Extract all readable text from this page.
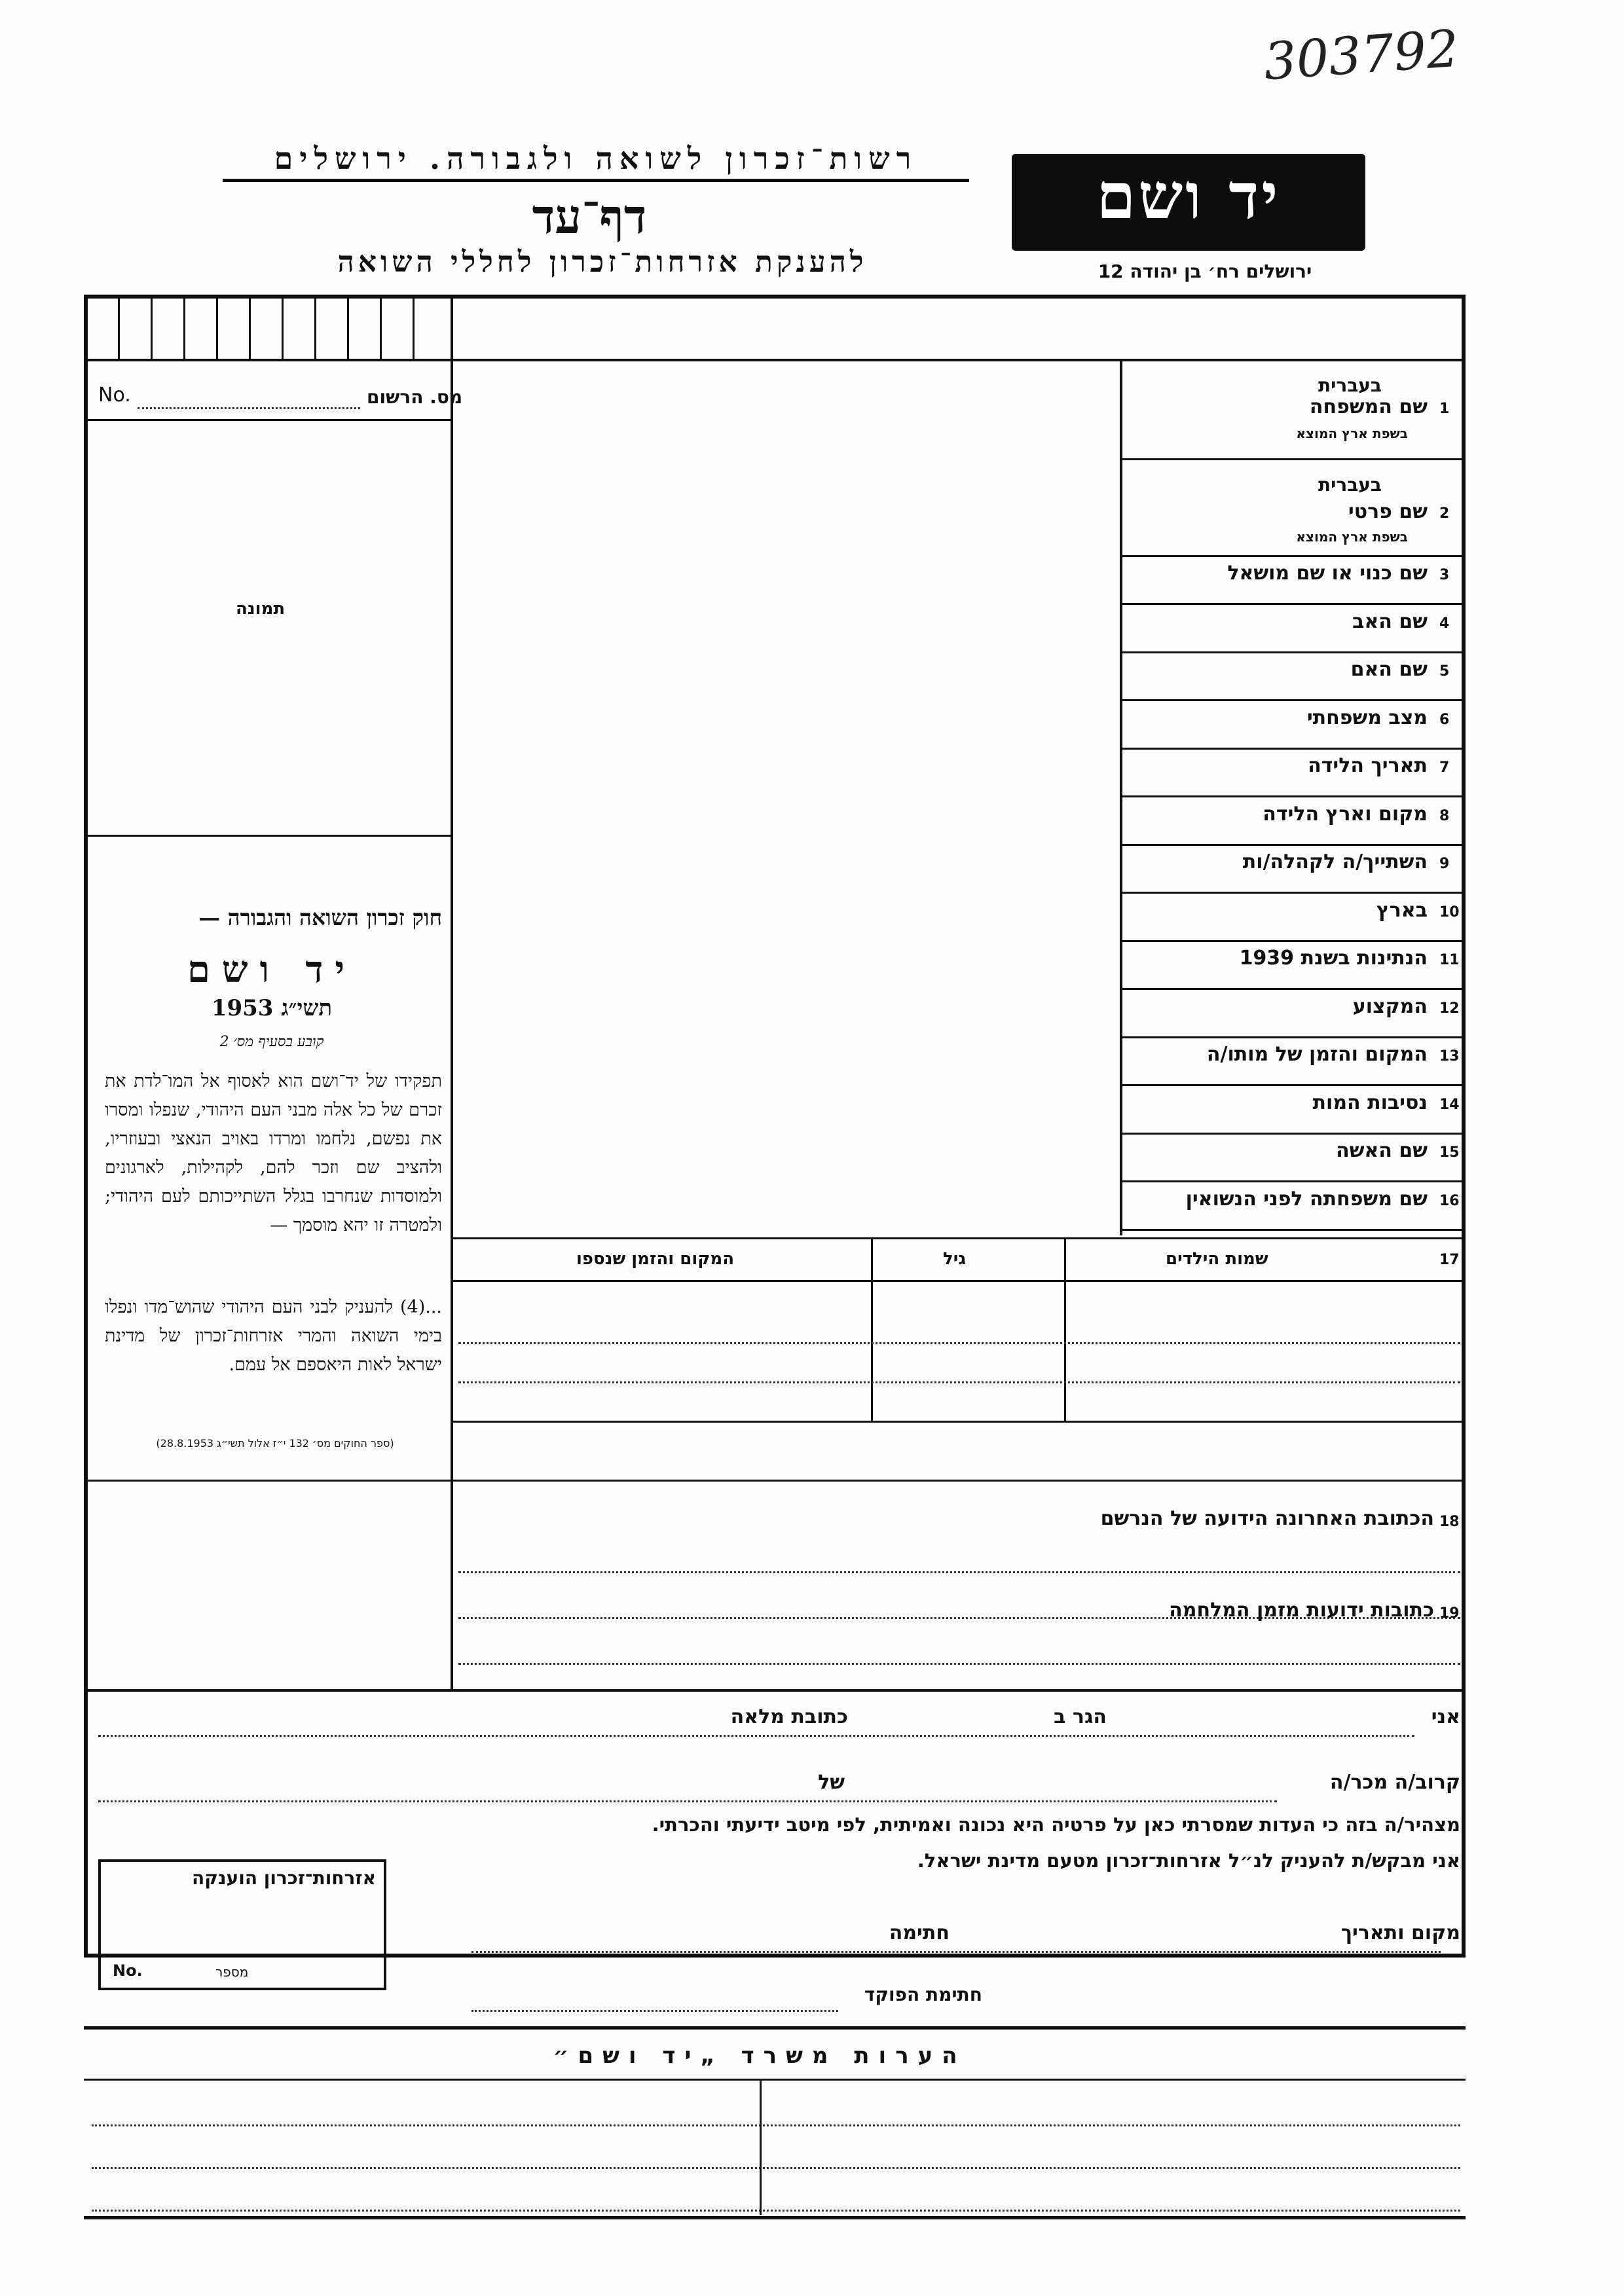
303792
רשות־זכרון לשואה ולגבורה. ירושלים
דף־עד
להענקת אזרחות־זכרון לחללי השואה
יד ושם
ירושלים רח׳ בן יהודה 12
No.	מס. הרשום
תמונה
חוק זכרון השואה והגבורה —
יד ושם
תשי״ג 1953
קובע בסעיף מס׳ 2
תפקידו של יד־ושם הוא לאסוף אל המו־לדת את זכרם של כל אלה מבני העם היהודי, שנפלו ומסרו את נפשם, נלחמו ומרדו באויב הנאצי ובעוזריו, ולהציב שם וזכר להם, לקהילות, לארגונים ולמוסדות שנחרבו בגלל השתייכותם לעם היהודי; ולמטרה זו יהא מוסמך —
...(4) להעניק לבני העם היהודי שהוש־מדו ונפלו בימי השואה והמרי אזרחות־זכרון של מדינת ישראל לאות היאספם אל עמם.
(ספר החוקים מס׳ 132 י״ז אלול תשי״ג 28.8.1953)
1
שם המשפחה
בעברית
בשפת ארץ המוצא
2
שם פרטי
בעברית
בשפת ארץ המוצא
3
שם כנוי או שם מושאל
4
שם האב
5
שם האם
6
מצב משפחתי
7
תאריך הלידה
8
מקום וארץ הלידה
9
השתייך/ה לקהלה/ות
10
בארץ
11
הנתינות בשנת 1939
12
המקצוע
13
המקום והזמן של מותו/ה
14
נסיבות המות
15
שם האשה
16
שם משפחתה לפני הנשואין
17
שמות הילדים
גיל
המקום והזמן שנספו
18
הכתובת האחרונה הידועה של הנרשם
19
כתובות ידועות מזמן המלחמה
אני
הגר ב
כתובת מלאה
קרוב/ה מכר/ה
של
מצהיר/ה בזה כי העדות שמסרתי כאן על פרטיה היא נכונה ואמיתית, לפי מיטב ידיעתי והכרתי.
אני מבקש/ת להעניק לנ״ל אזרחות־זכרון מטעם מדינת ישראל.
מקום ותאריך
חתימה
חתימת הפוקד
אזרחות־זכרון הוענקה
No.	מספר
הערות משרד „יד ושם״
